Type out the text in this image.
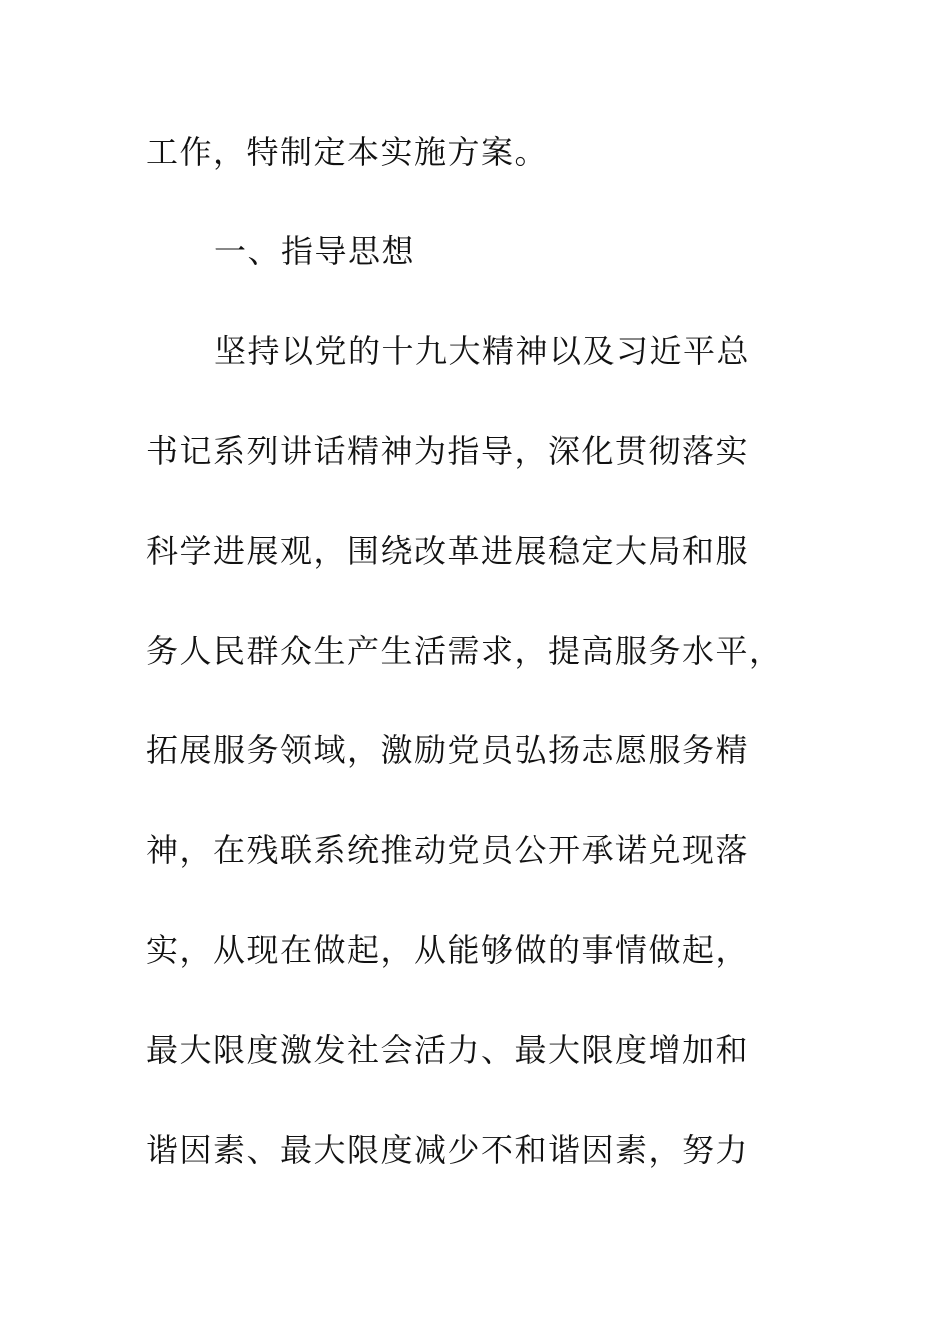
工作，特制定本实施方案。
一、指导思想
坚持以党的十九大精神以及习近平总
书记系列讲话精神为指导，深化贯彻落实
科学进展观，围绕改革进展稳定大局和服
务人民群众生产生活需求，提高服务水平，
拓展服务领域，激励党员弘扬志愿服务精
神，在残联系统推动党员公开承诺兑现落
实，从现在做起，从能够做的事情做起，
最大限度激发社会活力、最大限度增加和
谐因素、最大限度减少不和谐因素，努力
